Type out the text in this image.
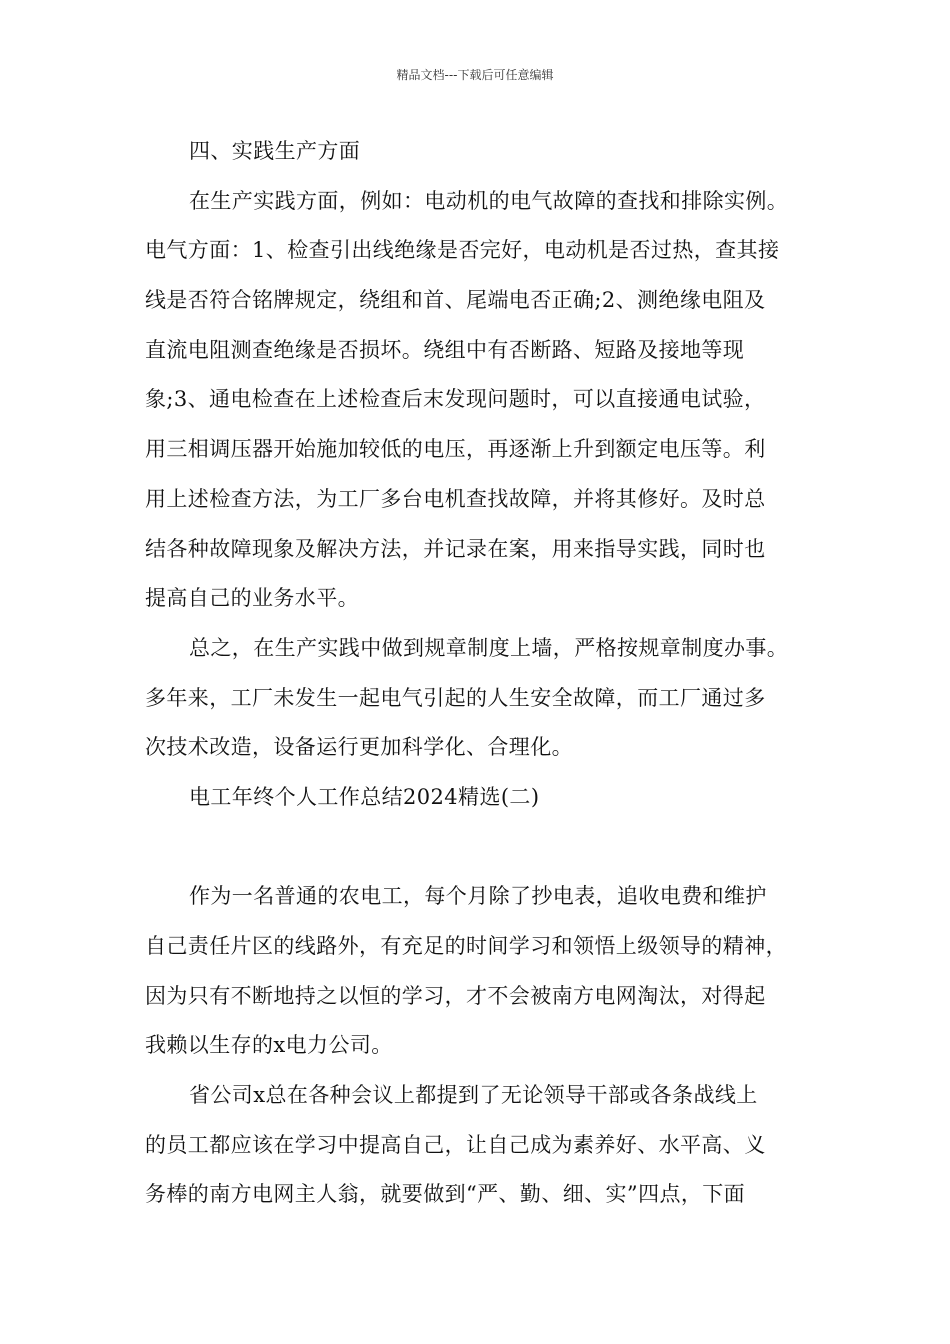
精品文档---下载后可任意编辑
四、实践生产方面
在生产实践方面，例如：电动机的电气故障的查找和排除实例。
电气方面：1、检查引出线绝缘是否完好，电动机是否过热，查其接
线是否符合铭牌规定，绕组和首、尾端电否正确;2、测绝缘电阻及
直流电阻测查绝缘是否损坏。绕组中有否断路、短路及接地等现
象;3、通电检查在上述检查后末发现问题时，可以直接通电试验，
用三相调压器开始施加较低的电压，再逐渐上升到额定电压等。利
用上述检查方法，为工厂多台电机查找故障，并将其修好。及时总
结各种故障现象及解决方法，并记录在案，用来指导实践，同时也
提高自己的业务水平。
总之，在生产实践中做到规章制度上墙，严格按规章制度办事。
多年来，工厂未发生一起电气引起的人生安全故障，而工厂通过多
次技术改造，设备运行更加科学化、合理化。
电工年终个人工作总结2024精选(二)
作为一名普通的农电工，每个月除了抄电表，追收电费和维护
自己责任片区的线路外，有充足的时间学习和领悟上级领导的精神，
因为只有不断地持之以恒的学习，才不会被南方电网淘汰，对得起
我赖以生存的x电力公司。
省公司x总在各种会议上都提到了无论领导干部或各条战线上
的员工都应该在学习中提高自己，让自己成为素养好、水平高、义
务棒的南方电网主人翁，就要做到“严、勤、细、实”四点，下面
